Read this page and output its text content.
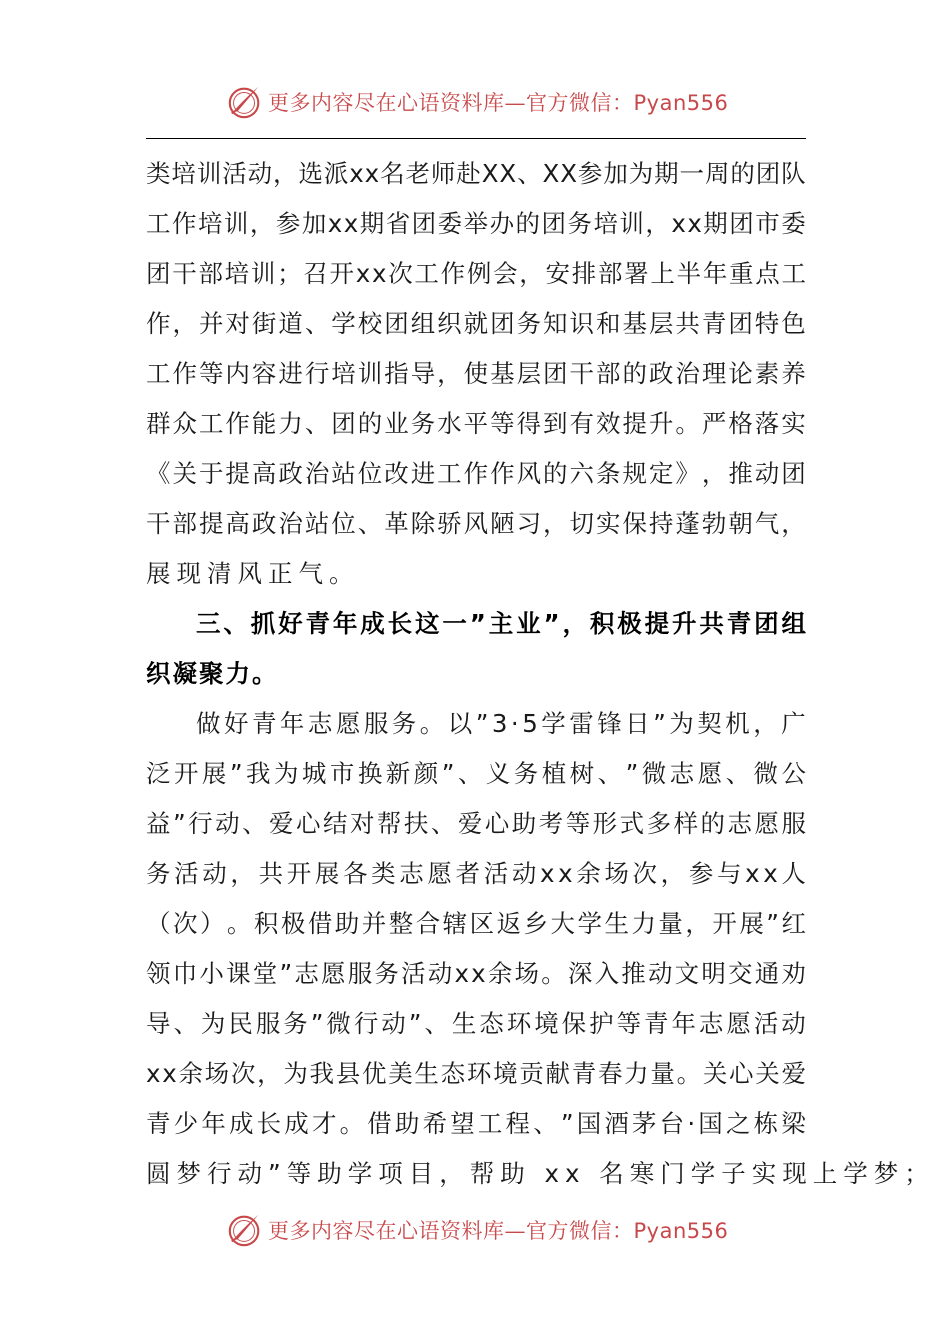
更多内容尽在心语资料库—官方微信：Pyan556
类 培 训 活 动 ， 选 派 x x 名 老 师 赴 X X 、 X X 参 加 为 期 一 周 的 团 队
工 作 培 训 ， 参 加 x x 期 省 团 委 举 办 的 团 务 培 训 ， x x 期 团 市 委
团 干 部 培 训 ； 召 开 x x 次 工 作 例 会 ， 安 排 部 署 上 半 年 重 点 工
作 ， 并 对 街 道 、 学 校 团 组 织 就 团 务 知 识 和 基 层 共 青 团 特 色
工 作 等 内 容 进 行 培 训 指 导 ， 使 基 层 团 干 部 的 政 治 理 论 素 养
群 众 工 作 能 力 、 团 的 业 务 水 平 等 得 到 有 效 提 升 。 严 格 落 实
《 关 于 提 高 政 治 站 位 改 进 工 作 作 风 的 六 条 规 定 》 ， 推 动 团
干 部 提 高 政 治 站 位 、 革 除 骄 风 陋 习 ， 切 实 保 持 蓬 勃 朝 气 ，
展现清风正气。
三 、 抓 好 青 年 成 长 这 一 ” 主 业 ” ， 积 极 提 升 共 青 团 组
织凝聚力。
做 好 青 年 志 愿 服 务 。 以 ” 3 · 5 学 雷 锋 日 ” 为 契 机 ， 广
泛 开 展 ” 我 为 城 市 换 新 颜 ” 、 义 务 植 树 、 ” 微 志 愿 、 微 公
益 ” 行 动 、 爱 心 结 对 帮 扶 、 爱 心 助 考 等 形 式 多 样 的 志 愿 服
务 活 动 ， 共 开 展 各 类 志 愿 者 活 动 x x 余 场 次 ， 参 与 x x 人
（ 次 ） 。 积 极 借 助 并 整 合 辖 区 返 乡 大 学 生 力 量 ， 开 展 ” 红
领 巾 小 课 堂 ” 志 愿 服 务 活 动 x x 余 场 。 深 入 推 动 文 明 交 通 劝
导 、 为 民 服 务 ” 微 行 动 ” 、 生 态 环 境 保 护 等 青 年 志 愿 活 动
x x 余 场 次 ， 为 我 县 优 美 生 态 环 境 贡 献 青 春 力 量 。 关 心 关 爱
青 少 年 成 长 成 才 。 借 助 希 望 工 程 、 ” 国 酒 茅 台 · 国 之 栋 梁
圆梦行动”等助学项目，帮助 xx 名寒门学子实现上学梦；
更多内容尽在心语资料库—官方微信：Pyan556
